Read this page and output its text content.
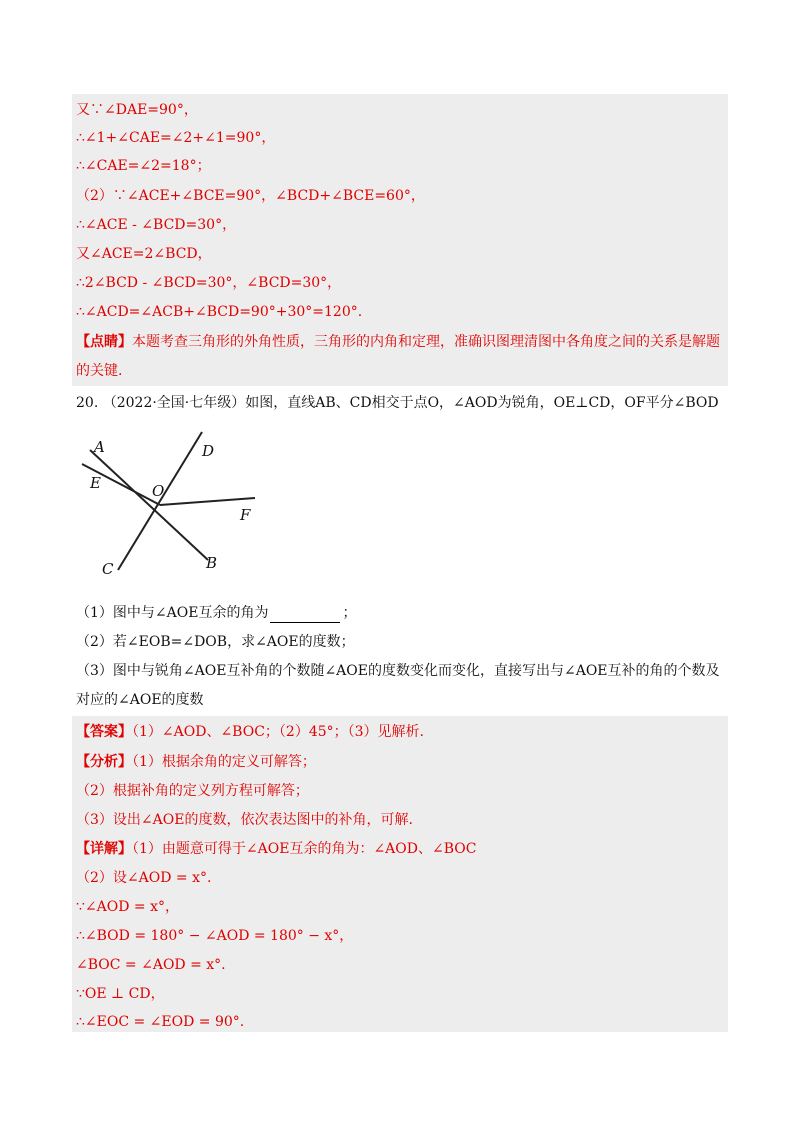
又∵∠DAE=90°，
∴∠1+∠CAE=∠2+∠1=90°，
∴∠CAE=∠2=18°；
（2）∵∠ACE+∠BCE=90°，∠BCD+∠BCE=60°，
∴∠ACE - ∠BCD=30°，
又∠ACE=2∠BCD，
∴2∠BCD - ∠BCD=30°，∠BCD=30°，
∴∠ACD=∠ACB+∠BCD=90°+30°=120°.
【点睛】本题考查三角形的外角性质，三角形的内角和定理，准确识图理清图中各角度之间的关系是解题
的关键.
20. （2022·全国·七年级）如图，直线AB、CD相交于点O，∠AOD为锐角，OE⊥CD，OF平分∠BOD
A	D
E	O
F
C	B
（1）图中与∠AOE互余的角为	；
（2）若∠EOB=∠DOB，求∠AOE的度数；
（3）图中与锐角∠AOE互补角的个数随∠AOE的度数变化而变化，直接写出与∠AOE互补的角的个数及
对应的∠AOE的度数
【答案】（1）∠AOD、∠BOC；（2）45°；（3）见解析.
【分析】（1）根据余角的定义可解答；
（2）根据补角的定义列方程可解答；
（3）设出∠AOE的度数，依次表达图中的补角，可解.
【详解】（1）由题意可得于∠AOE互余的角为：∠AOD、∠BOC
（2）设∠AOD = x°.
∵∠AOD = x°，
∴∠BOD = 180° − ∠AOD = 180° − x°，
∠BOC = ∠AOD = x°.
∵OE ⊥ CD，
∴∠EOC = ∠EOD = 90°.
